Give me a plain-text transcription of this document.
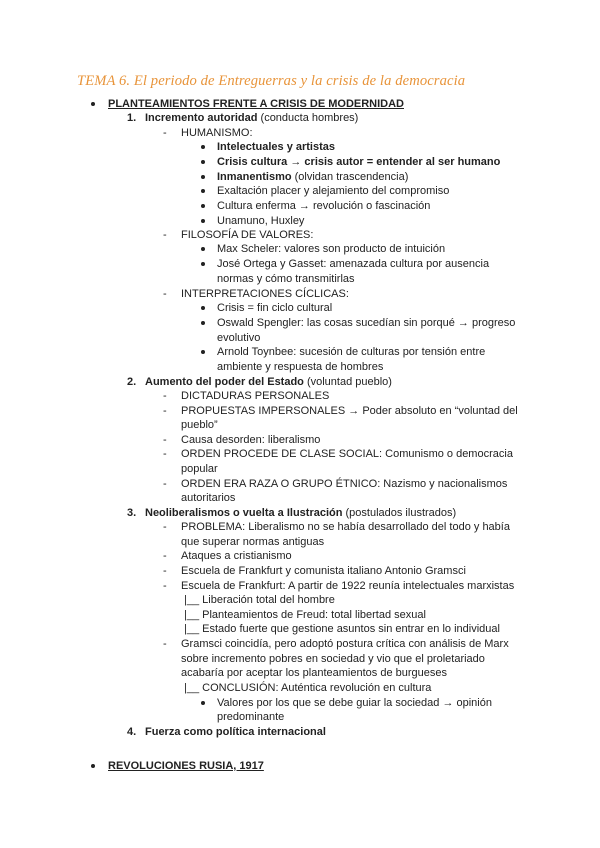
TEMA 6. El periodo de Entreguerras y la crisis de la democracia
PLANTEAMIENTOS FRENTE A CRISIS DE MODERNIDAD
1. Incremento autoridad (conducta hombres)
- HUMANISMO:
Intelectuales y artistas
Crisis cultura → crisis autor = entender al ser humano
Inmanentismo (olvidan trascendencia)
Exaltación placer y alejamiento del compromiso
Cultura enferma → revolución o fascinación
Unamuno, Huxley
- FILOSOFÍA DE VALORES:
Max Scheler: valores son producto de intuición
José Ortega y Gasset: amenazada cultura por ausencia
normas y cómo transmitirlas
- INTERPRETACIONES CÍCLICAS:
Crisis = fin ciclo cultural
Oswald Spengler: las cosas sucedían sin porqué → progreso
evolutivo
Arnold Toynbee: sucesión de culturas por tensión entre
ambiente y respuesta de hombres
2. Aumento del poder del Estado (voluntad pueblo)
- DICTADURAS PERSONALES
- PROPUESTAS IMPERSONALES → Poder absoluto en “voluntad del
pueblo”
- Causa desorden: liberalismo
- ORDEN PROCEDE DE CLASE SOCIAL: Comunismo o democracia
popular
- ORDEN ERA RAZA O GRUPO ÉTNICO: Nazismo y nacionalismos
autoritarios
3. Neoliberalismos o vuelta a Ilustración (postulados ilustrados)
- PROBLEMA: Liberalismo no se había desarrollado del todo y había
que superar normas antiguas
- Ataques a cristianismo
- Escuela de Frankfurt y comunista italiano Antonio Gramsci
- Escuela de Frankfurt: A partir de 1922 reunía intelectuales marxistas
|__ Liberación total del hombre
|__ Planteamientos de Freud: total libertad sexual
|__ Estado fuerte que gestione asuntos sin entrar en lo individual
- Gramsci coincidía, pero adoptó postura crítica con análisis de Marx
sobre incremento pobres en sociedad y vio que el proletariado
acabaría por aceptar los planteamientos de burgueses
|__ CONCLUSIÓN: Auténtica revolución en cultura
Valores por los que se debe guiar la sociedad → opinión
predominante
4. Fuerza como política internacional
REVOLUCIONES RUSIA, 1917
